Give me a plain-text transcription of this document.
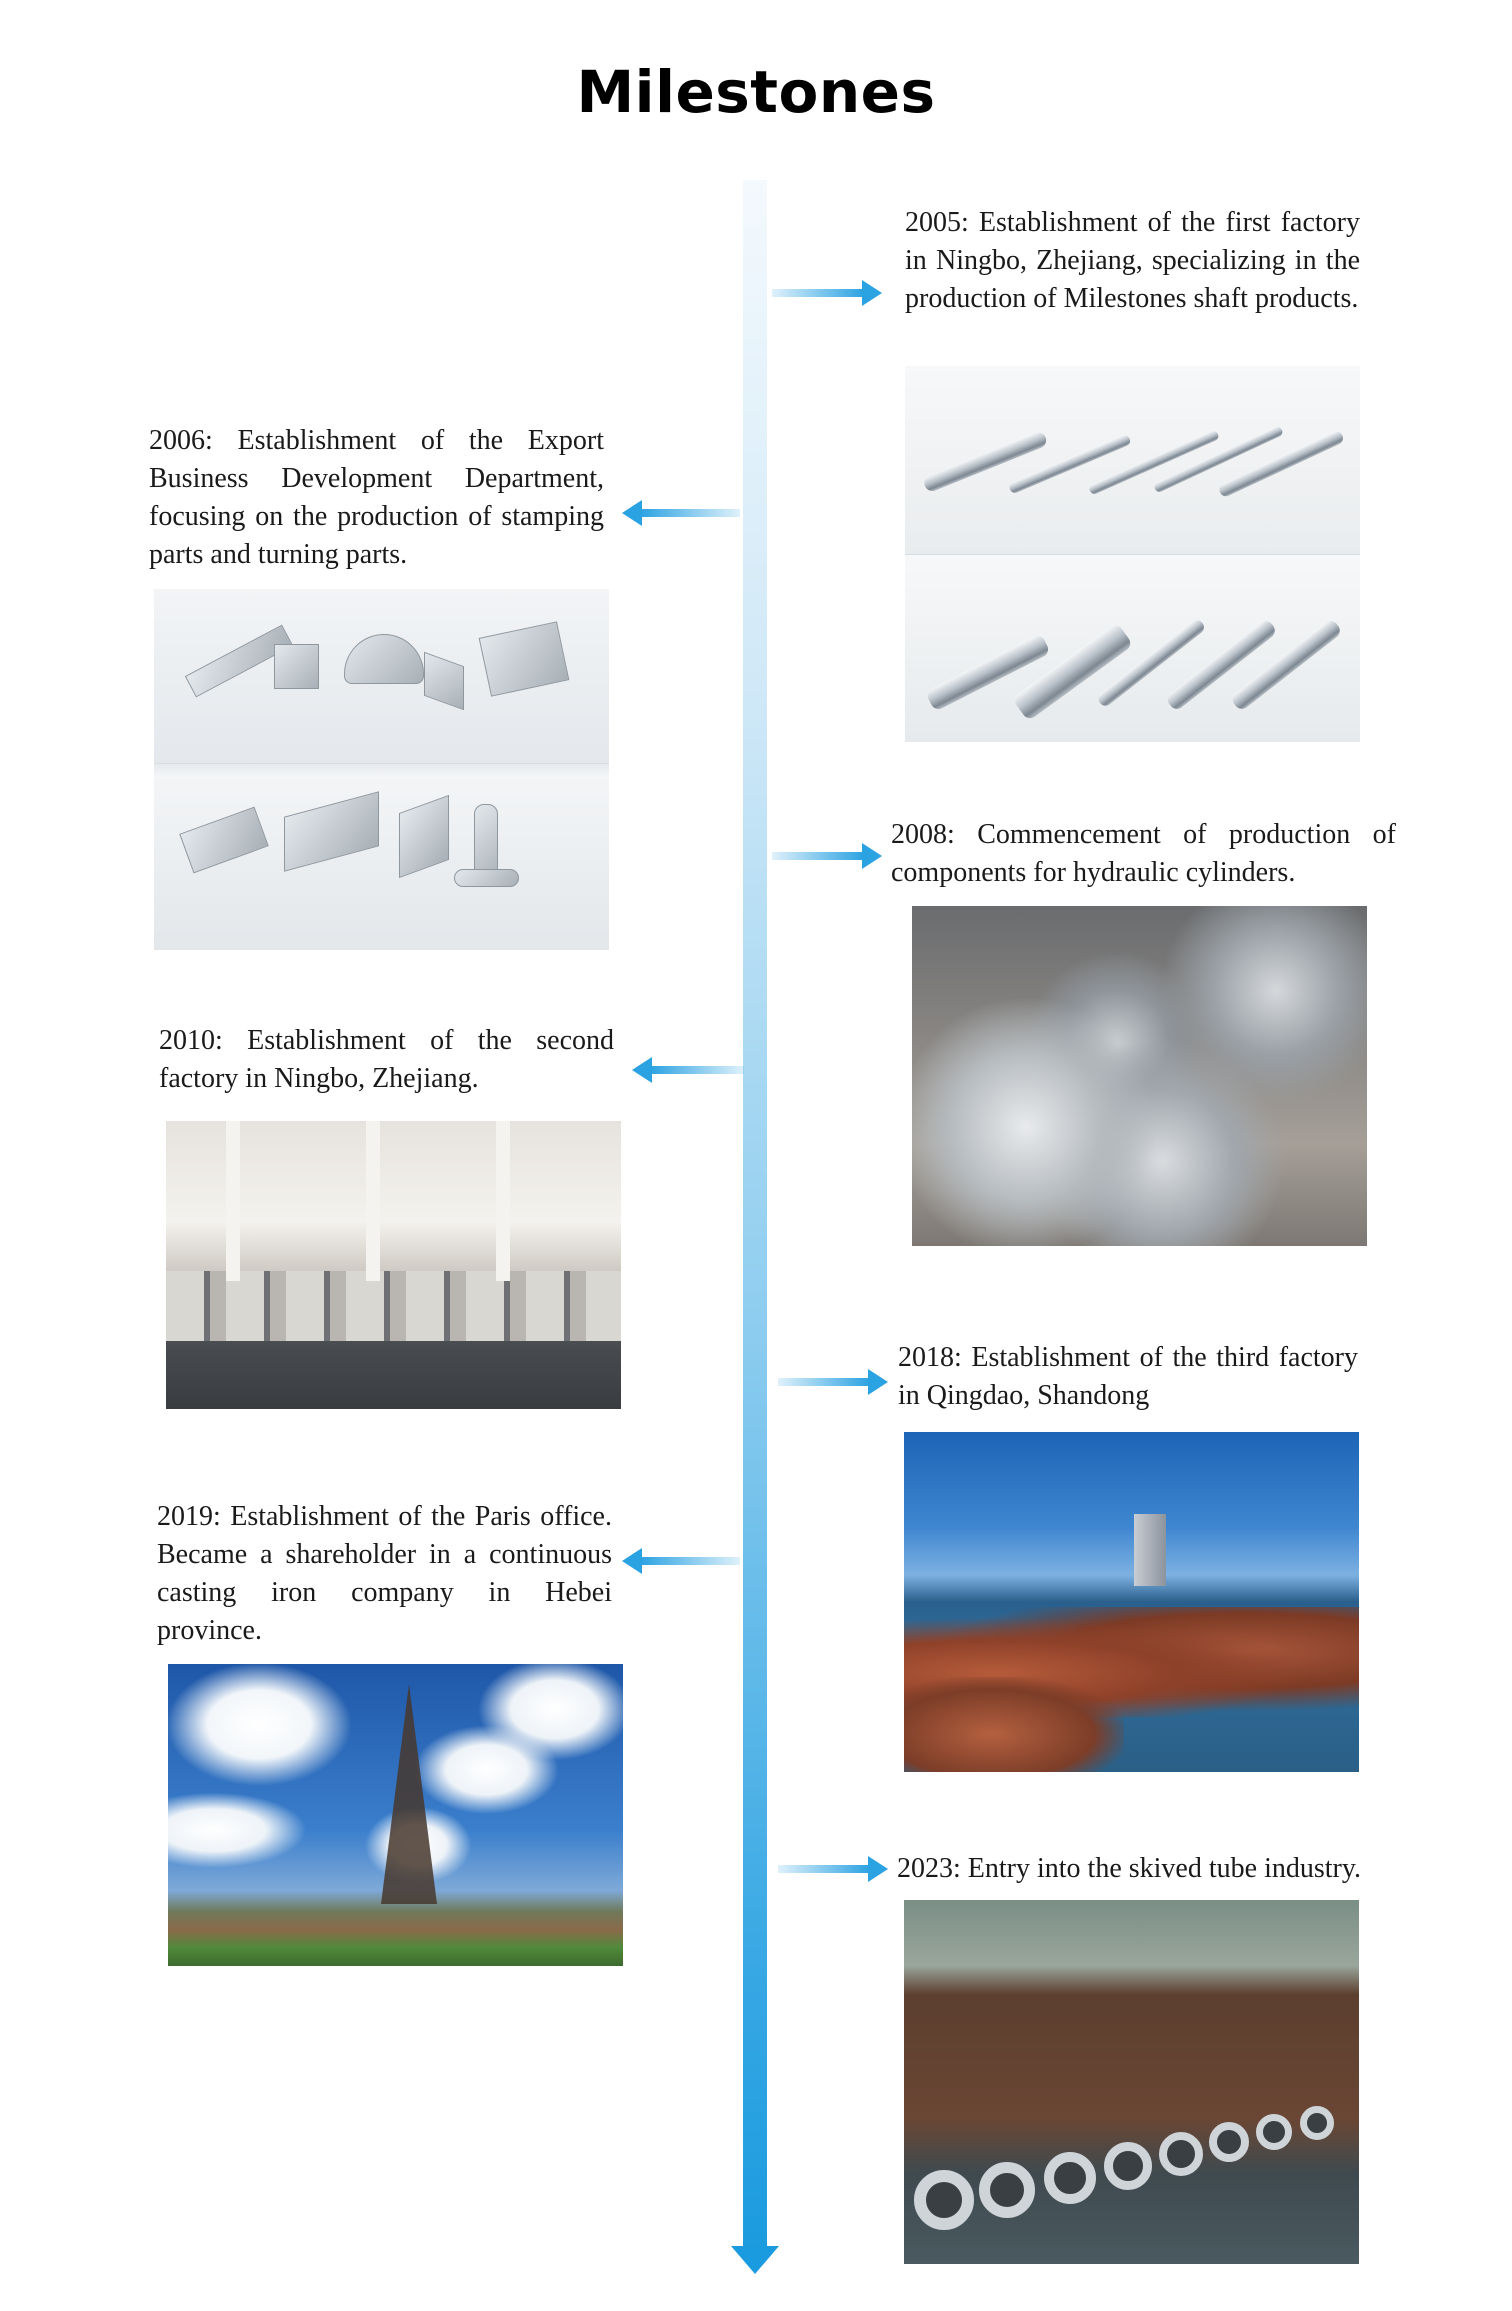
Milestones
2005: Establishment of the first factory in Ningbo, Zhejiang, specializing in the production of Milestones shaft products.
2006: Establishment of the Export Business Development Department, focusing on the production of stamping parts and turning parts.
2008: Commencement of production of components for hydraulic cylinders.
2010: Establishment of the second factory in Ningbo, Zhejiang.
2018: Establishment of the third factory in Qingdao, Shandong
2019: Establishment of the Paris office. Became a shareholder in a continuous casting iron company in Hebei province.
2023: Entry into the skived tube industry.
